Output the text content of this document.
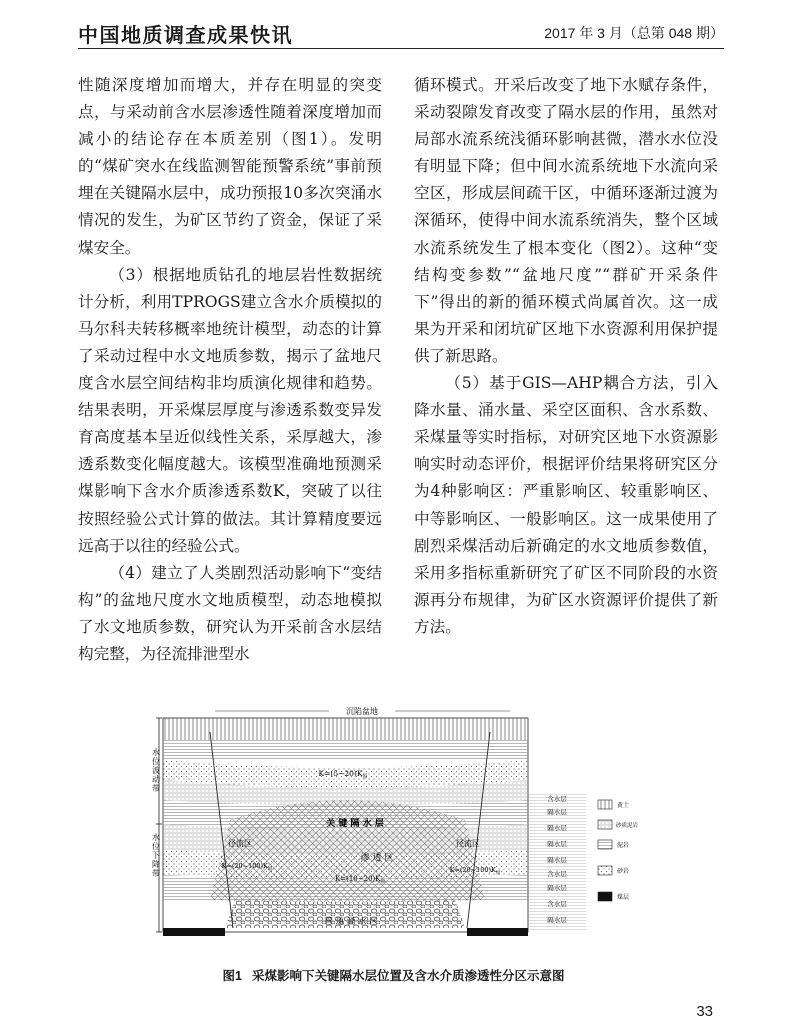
中国地质调查成果快讯	2017 年 3 月（总第 048 期）

性随深度增加而增大，并存在明显的突变点，与采动前含水层渗透性随着深度增加而减小的结论存在本质差别（图1）。发明的“煤矿突水在线监测智能预警系统”事前预埋在关键隔水层中，成功预报10多次突涌水情况的发生，为矿区节约了资金，保证了采煤安全。

（3）根据地质钻孔的地层岩性数据统计分析，利用TPROGS建立含水介质模拟的马尔科夫转移概率地统计模型，动态的计算了采动过程中水文地质参数，揭示了盆地尺度含水层空间结构非均质演化规律和趋势。结果表明，开采煤层厚度与渗透系数变异发育高度基本呈近似线性关系，采厚越大，渗透系数变化幅度越大。该模型准确地预测采煤影响下含水介质渗透系数K，突破了以往按照经验公式计算的做法。其计算精度要远远高于以往的经验公式。

（4）建立了人类剧烈活动影响下“变结构”的盆地尺度水文地质模型，动态地模拟了水文地质参数，研究认为开采前含水层结构完整，为径流排泄型水

循环模式。开采后改变了地下水赋存条件，采动裂隙发育改变了隔水层的作用，虽然对局部水流系统浅循环影响甚微，潜水水位没有明显下降；但中间水流系统地下水流向采空区，形成层间疏干区，中循环逐渐过渡为深循环，使得中间水流系统消失，整个区域水流系统发生了根本变化（图2）。这种“变结构变参数”“盆地尺度”“群矿开采条件下”得出的新的循环模式尚属首次。这一成果为开采和闭坑矿区地下水资源利用保护提供了新思路。

（5）基于GIS—AHP耦合方法，引入降水量、涌水量、采空区面积、含水系数、采煤量等实时指标，对研究区地下水资源影响实时动态评价，根据评价结果将研究区分为4种影响区：严重影响区、较重影响区、中等影响区、一般影响区。这一成果使用了剧烈采煤活动后新确定的水文地质参数值，采用多指标重新研究了矿区不同阶段的水资源再分布规律，为矿区水资源评价提供了新方法。

水位波动带
水位下降带
沉陷盆地
$K=(5\sim 20)K_原$
关 键 隔 水 层
径流区	径流区
渗 透 区
$K=(20\sim 100)K_原$
$K=(10\sim 20)K_原$
$K=(20\sim 100)K_原$
管 道 涌 水 区
黄土
砂质泥岩
泥岩
砂岩
煤层
图1 采煤影响下关键隔水层位置及含水介质渗透性分区示意图
33
